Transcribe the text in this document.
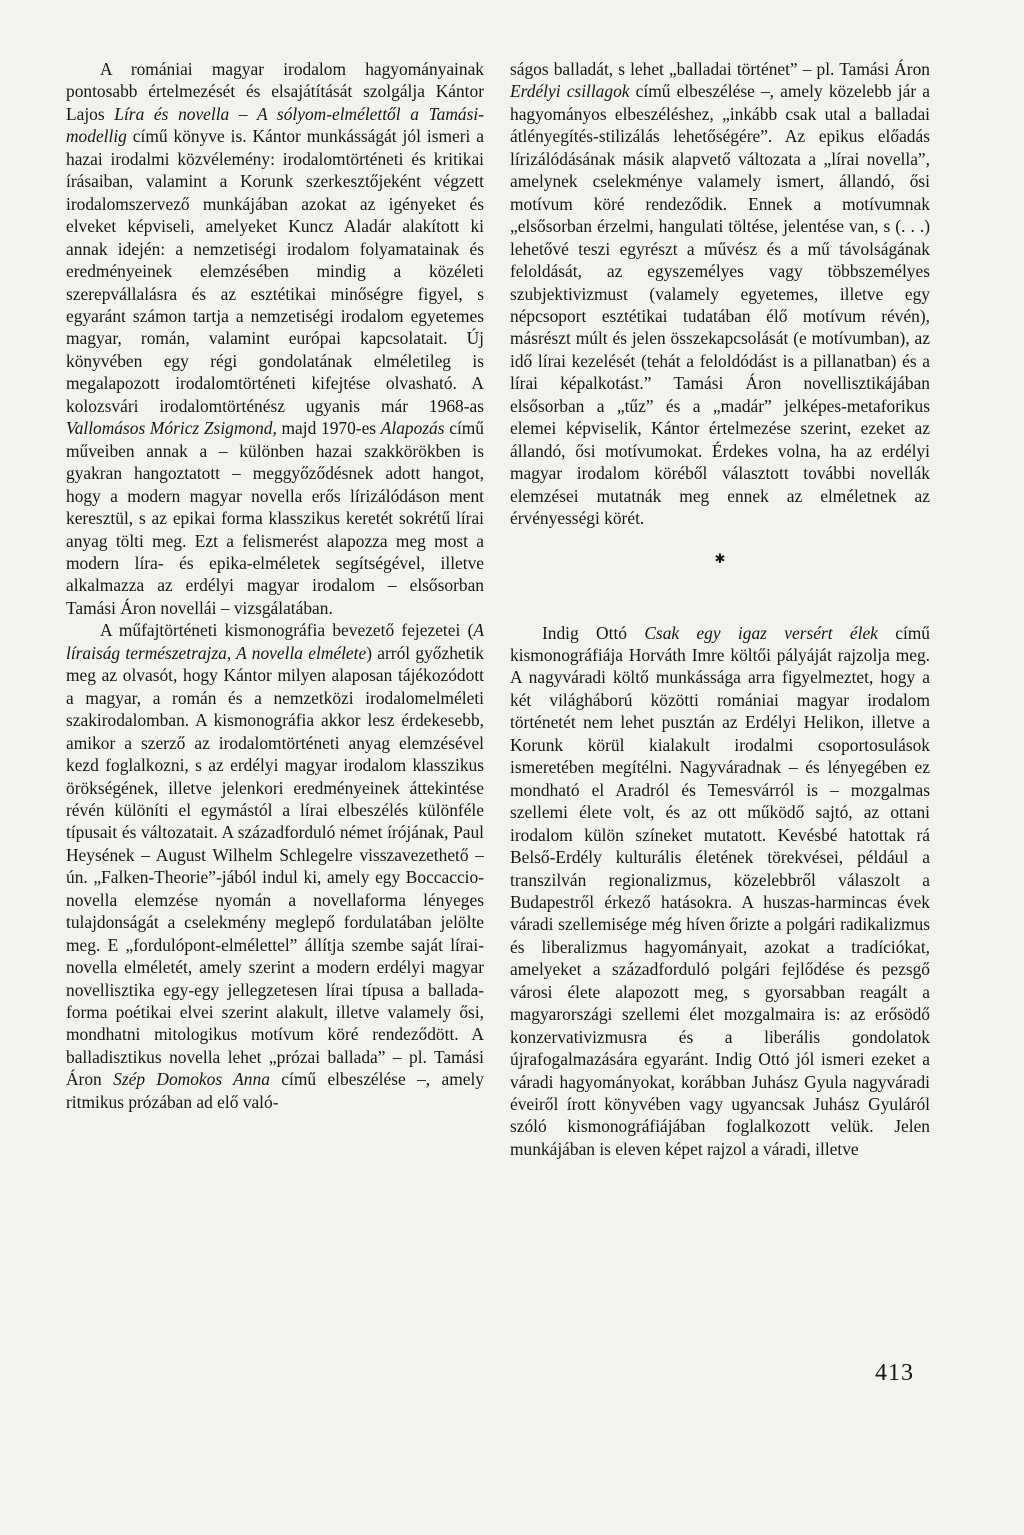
A romániai magyar irodalom hagyományainak pontosabb értelmezését és elsajátítását szolgálja Kántor Lajos Líra és novella – A sólyom-elmélettől a Tamási-modellig című könyve is. Kántor munkásságát jól ismeri a hazai irodalmi közvélemény: irodalomtörténeti és kritikai írásaiban, valamint a Korunk szerkesztőjeként végzett irodalomszervező munkájában azokat az igényeket és elveket képviseli, amelyeket Kuncz Aladár alakított ki annak idején: a nemzetiségi irodalom folyamatainak és eredményeinek elemzésében mindig a közéleti szerepvállalásra és az esztétikai minőségre figyel, s egyaránt számon tartja a nemzetiségi irodalom egyetemes magyar, román, valamint európai kapcsolatait. Új könyvében egy régi gondolatának elméletileg is megalapozott irodalomtörténeti kifejtése olvasható. A kolozsvári irodalomtörténész ugyanis már 1968-as Vallomásos Móricz Zsigmond, majd 1970-es Alapozás című műveiben annak a – különben hazai szakkörökben is gyakran hangoztatott – meggyőződésnek adott hangot, hogy a modern magyar novella erős lírizálódáson ment keresztül, s az epikai forma klasszikus keretét sokrétű lírai anyag tölti meg. Ezt a felismerést alapozza meg most a modern líra- és epika-elméletek segítségével, illetve alkalmazza az erdélyi magyar irodalom – elsősorban Tamási Áron novellái – vizsgálatában.

A műfajtörténeti kismonográfia bevezető fejezetei (A líraiság természetrajza, A novella elmélete) arról győzhetik meg az olvasót, hogy Kántor milyen alaposan tájékozódott a magyar, a román és a nemzetközi irodalomelméleti szakirodalomban. A kismonográfia akkor lesz érdekesebb, amikor a szerző az irodalomtörténeti anyag elemzésével kezd foglalkozni, s az erdélyi magyar irodalom klasszikus örökségének, illetve jelenkori eredményeinek áttekintése révén különíti el egymástól a lírai elbeszélés különféle típusait és változatait. A századforduló német írójának, Paul Heysének – August Wilhelm Schlegelre visszavezethető – ún. „Falken-Theorie”-jából indul ki, amely egy Boccaccio-novella elemzése nyomán a novellaforma lényeges tulajdonságát a cselekmény meglepő fordulatában jelölte meg. E „fordulópont-elmélettel” állítja szembe saját lírai-novella elméletét, amely szerint a modern erdélyi magyar novellisztika egy-egy jellegzetesen lírai típusa a ballada-forma poétikai elvei szerint alakult, illetve valamely ősi, mondhatni mitologikus motívum köré rendeződött. A balladisztikus novella lehet „prózai ballada” – pl. Tamási Áron Szép Domokos Anna című elbeszélése –, amely ritmikus prózában ad elő való-

ságos balladát, s lehet „balladai történet” – pl. Tamási Áron Erdélyi csillagok című elbeszélése –, amely közelebb jár a hagyományos elbeszéléshez, „inkább csak utal a balladai átlényegítés-stilizálás lehetőségére”. Az epikus előadás lírizálódásának másik alapvető változata a „lírai novella”, amelynek cselekménye valamely ismert, állandó, ősi motívum köré rendeződik. Ennek a motívumnak „elsősorban érzelmi, hangulati töltése, jelentése van, s (. . .) lehetővé teszi egyrészt a művész és a mű távolságának feloldását, az egyszemélyes vagy többszemélyes szubjektivizmust (valamely egyetemes, illetve egy népcsoport esztétikai tudatában élő motívum révén), másrészt múlt és jelen összekapcsolását (e motívumban), az idő lírai kezelését (tehát a feloldódást is a pillanatban) és a lírai képalkotást.” Tamási Áron novellisztikájában elsősorban a „tűz” és a „madár” jelképes-metaforikus elemei képviselik, Kántor értelmezése szerint, ezeket az állandó, ősi motívumokat. Érdekes volna, ha az erdélyi magyar irodalom köréből választott további novellák elemzései mutatnák meg ennek az elméletnek az érvényességi körét.

✱

Indig Ottó Csak egy igaz versért élek című kismonográfiája Horváth Imre költői pályáját rajzolja meg. A nagyváradi költő munkássága arra figyelmeztet, hogy a két világháború közötti romániai magyar irodalom történetét nem lehet pusztán az Erdélyi Helikon, illetve a Korunk körül kialakult irodalmi csoportosulások ismeretében megítélni. Nagyváradnak – és lényegében ez mondható el Aradról és Temesvárról is – mozgalmas szellemi élete volt, és az ott működő sajtó, az ottani irodalom külön színeket mutatott. Kevésbé hatottak rá Belső-Erdély kulturális életének törekvései, például a transzilván regionalizmus, közelebbről válaszolt a Budapestről érkező hatásokra. A huszas-harmincas évek váradi szellemisége még híven őrizte a polgári radikalizmus és liberalizmus hagyományait, azokat a tradíciókat, amelyeket a századforduló polgári fejlődése és pezsgő városi élete alapozott meg, s gyorsabban reagált a magyarországi szellemi élet mozgalmaira is: az erősödő konzervativizmusra és a liberális gondolatok újrafogalmazására egyaránt. Indig Ottó jól ismeri ezeket a váradi hagyományokat, korábban Juhász Gyula nagyváradi éveiről írott könyvében vagy ugyancsak Juhász Gyuláról szóló kismonográfiájában foglalkozott velük. Jelen munkájában is eleven képet rajzol a váradi, illetve

413
